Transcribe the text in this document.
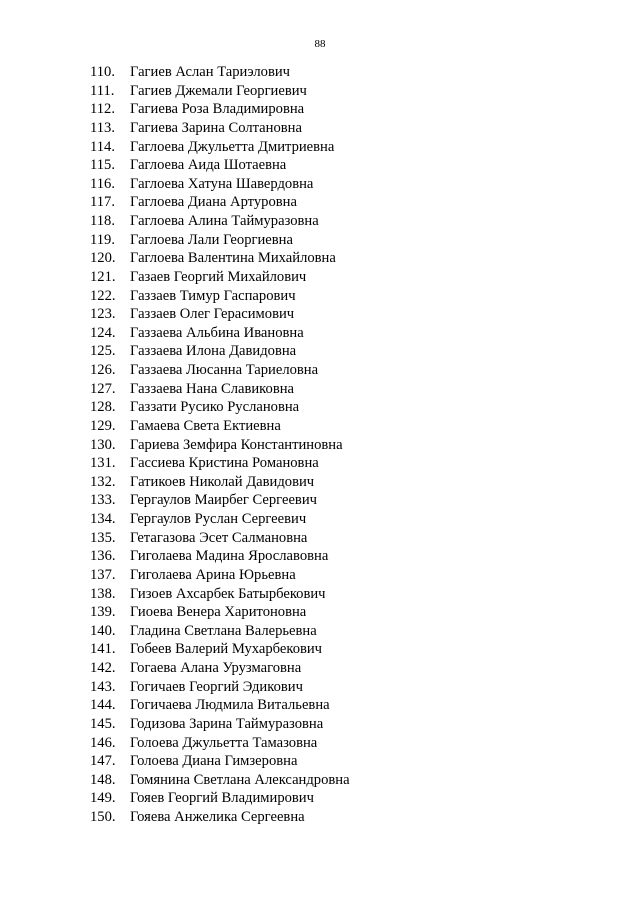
88
110.	Гагиев Аслан Тариэлович
111.	Гагиев Джемали Георгиевич
112.	Гагиева Роза Владимировна
113.	Гагиева Зарина Солтановна
114.	Гаглоева Джульетта Дмитриевна
115.	Гаглоева Аида Шотаевна
116.	Гаглоева Хатуна Шавердовна
117.	Гаглоева Диана Артуровна
118.	Гаглоева Алина Таймуразовна
119.	Гаглоева Лали Георгиевна
120. Гаглоева Валентина Михайловна
121. Газаев Георгий Михайлович
122. Газзаев Тимур Гаспарович
123. Газзаев Олег Герасимович
124. Газзаева Альбина Ивановна
125. Газзаева Илона Давидовна
126. Газзаева Люсанна Тариеловна
127. Газзаева Нана Славиковна
128. Газзати Русико Руслановна
129. Гамаева Света Ектиевна
130. Гариева Земфира Константиновна
131. Гассиева Кристина Романовна
132. Гатикоев Николай Давидович
133. Гергаулов Маирбег Сергеевич
134. Гергаулов Руслан Сергеевич
135. Гетагазова Эсет Салмановна
136. Гиголаева Мадина Ярославовна
137. Гиголаева Арина Юрьевна
138. Гизоев Ахсарбек Батырбекович
139. Гиоева Венера Харитоновна
140. Гладина Светлана Валерьевна
141. Гобеев Валерий Мухарбекович
142. Гогаева Алана Урузмаговна
143. Гогичаев Георгий Эдикович
144. Гогичаева Людмила Витальевна
145. Годизова Зарина Таймуразовна
146. Голоева Джульетта Тамазовна
147. Голоева Диана Гимзеровна
148. Гомянина Светлана Александровна
149. Гояев Георгий Владимирович
150. Гояева Анжелика Сергеевна
